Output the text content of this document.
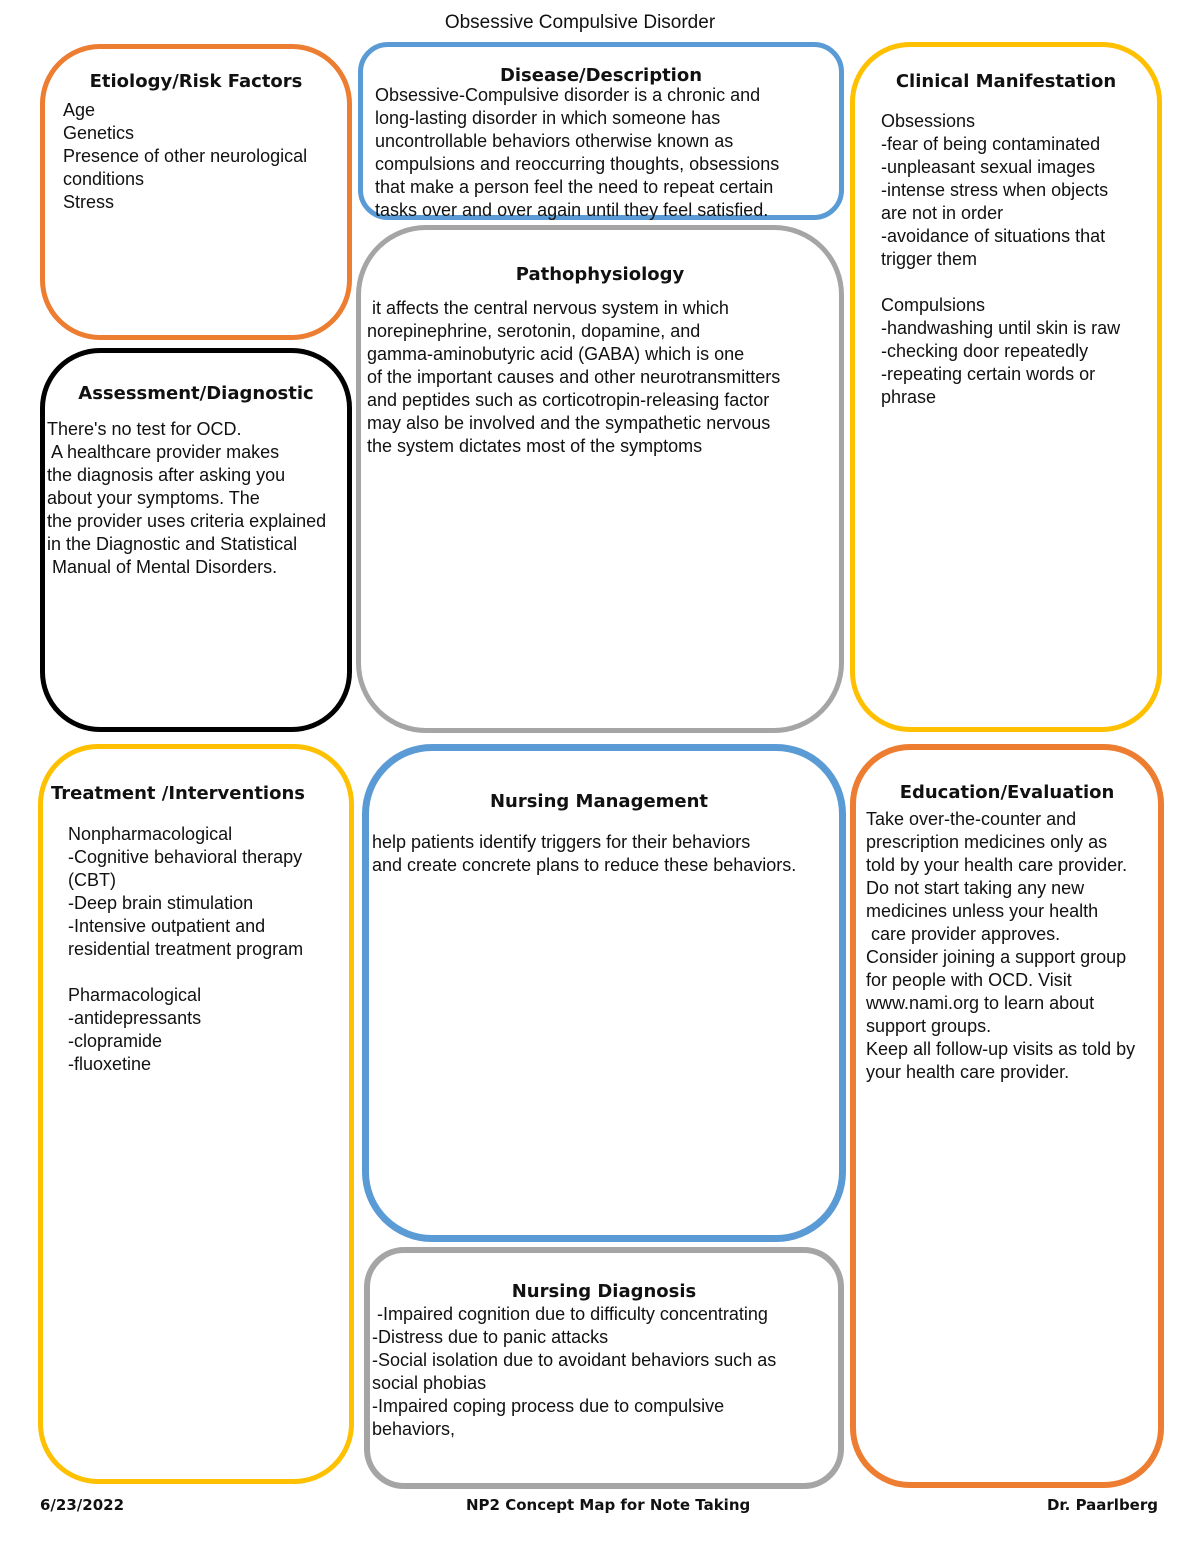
Obsessive Compulsive Disorder
Etiology/Risk Factors
Age
Genetics
Presence of other neurological
conditions
Stress
Disease/Description
Obsessive-Compulsive disorder is a chronic and
long-lasting disorder in which someone has
uncontrollable behaviors otherwise known as
compulsions and reoccurring thoughts, obsessions
that make a person feel the need to repeat certain
tasks over and over again until they feel satisfied.
Clinical Manifestation
Obsessions
-fear of being contaminated
-unpleasant sexual images
-intense stress when objects
are not in order
-avoidance of situations that
trigger them

Compulsions
-handwashing until skin is raw
-checking door repeatedly
-repeating certain words or
phrase
Pathophysiology
it affects the central nervous system in which
norepinephrine, serotonin, dopamine, and
gamma-aminobutyric acid (GABA) which is one
of the important causes and other neurotransmitters
and peptides such as corticotropin-releasing factor
may also be involved and the sympathetic nervous
the system dictates most of the symptoms
Assessment/Diagnostic
There's no test for OCD.
A healthcare provider makes
the diagnosis after asking you
about your symptoms. The
the provider uses criteria explained
in the Diagnostic and Statistical
Manual of Mental Disorders.
Treatment /Interventions
Nonpharmacological
-Cognitive behavioral therapy
(CBT)
-Deep brain stimulation
-Intensive outpatient and
residential treatment program

Pharmacological
-antidepressants
-clopramide
-fluoxetine
Nursing Management
help patients identify triggers for their behaviors
and create concrete plans to reduce these behaviors.
Education/Evaluation
Take over-the-counter and
prescription medicines only as
told by your health care provider.
Do not start taking any new
medicines unless your health
care provider approves.
Consider joining a support group
for people with OCD. Visit
www.nami.org to learn about
support groups.
Keep all follow-up visits as told by
your health care provider.
Nursing Diagnosis
-Impaired cognition due to difficulty concentrating
-Distress due to panic attacks
-Social isolation due to avoidant behaviors such as
social phobias
-Impaired coping process due to compulsive
behaviors,
6/23/2022	NP2 Concept Map for Note Taking	Dr. Paarlberg
